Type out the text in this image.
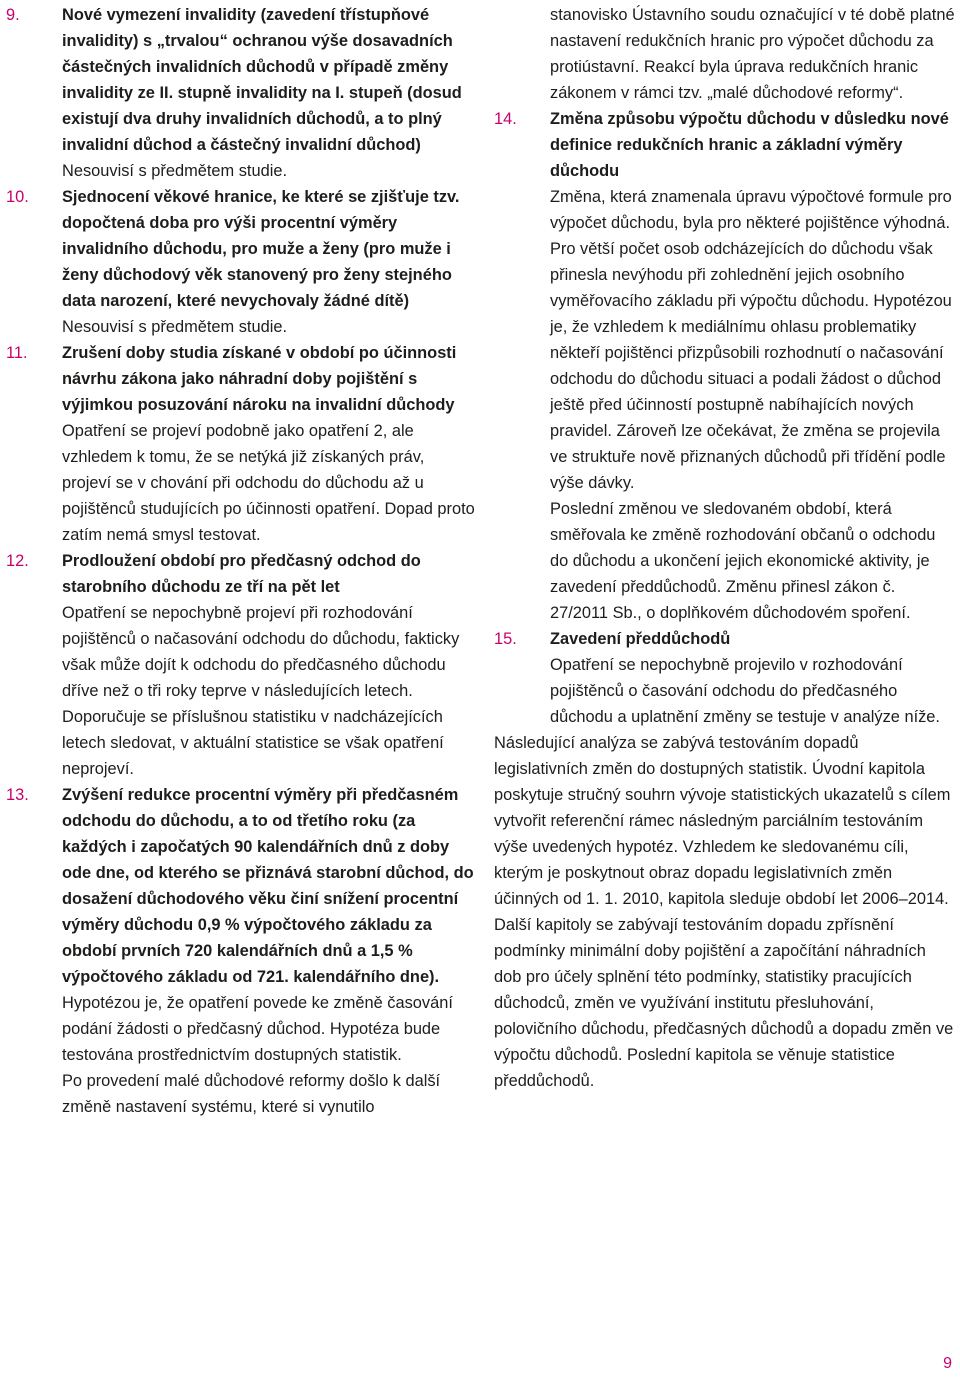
9.	Nové vymezení invalidity (zavedení třístupňové invalidity) s „trvalou“ ochranou výše dosavadních částečných invalidních důchodů v případě změny invalidity ze II. stupně invalidity na I. stupeň (dosud existují dva druhy invalidních důchodů, a to plný invalidní důchod a částečný invalidní důchod)

Nesouvisí s předmětem studie.

10. Sjednocení věkové hranice, ke které se zjišťuje tzv. dopočtená doba pro výši procentní výměry invalidního důchodu, pro muže a ženy (pro muže i ženy důchodový věk stanovený pro ženy stejného data narození, které nevychovaly žádné dítě)

Nesouvisí s předmětem studie.

11. Zrušení doby studia získané v období po účinnosti návrhu zákona jako náhradní doby pojištění s výjimkou posuzování nároku na invalidní důchody

Opatření se projeví podobně jako opatření 2, ale vzhledem k tomu, že se netýká již získaných práv, projeví se v chování při odchodu do důchodu až u pojištěnců studujících po účinnosti opatření. Dopad proto zatím nemá smysl testovat.

12. Prodloužení období pro předčasný odchod do starobního důchodu ze tří na pět let

Opatření se nepochybně projeví při rozhodování pojištěnců o načasování odchodu do důchodu, fakticky však může dojít k odchodu do předčasného důchodu dříve než o tři roky teprve v následujících letech. Doporučuje se příslušnou statistiku v nadcházejících letech sledovat, v aktuální statistice se však opatření neprojeví.

13. Zvýšení redukce procentní výměry při předčasném odchodu do důchodu, a to od třetího roku (za každých i započatých 90 kalendářních dnů z doby ode dne, od kterého se přiznává starobní důchod, do dosažení důchodového věku činí snížení procentní výměry důchodu 0,9 % výpočtového základu za období prvních 720 kalendářních dnů a 1,5 % výpočtového základu od 721. kalendářního dne).

Hypotézou je, že opatření povede ke změně časování podání žádosti o předčasný důchod. Hypotéza bude testována prostřednictvím dostupných statistik.

Po provedení malé důchodové reformy došlo k další změně nastavení systému, které si vynutilo

stanovisko Ústavního soudu označující v té době platné nastavení redukčních hranic pro výpočet důchodu za protiústavní. Reakcí byla úprava redukčních hranic zákonem v rámci tzv. „malé důchodové reformy“.

14. Změna způsobu výpočtu důchodu v důsledku nové definice redukčních hranic a základní výměry důchodu

Změna, která znamenala úpravu výpočtové formule pro výpočet důchodu, byla pro některé pojištěnce výhodná. Pro větší počet osob odcházejících do důchodu však přinesla nevýhodu při zohlednění jejich osobního vyměřovacího základu při výpočtu důchodu. Hypotézou je, že vzhledem k mediálnímu ohlasu problematiky někteří pojištěnci přizpůsobili rozhodnutí o načasování odchodu do důchodu situaci a podali žádost o důchod ještě před účinností postupně nabíhajících nových pravidel. Zároveň lze očekávat, že změna se projevila ve struktuře nově přiznaných důchodů při třídění podle výše dávky.

Poslední změnou ve sledovaném období, která směřovala ke změně rozhodování občanů o odchodu do důchodu a ukončení jejich ekonomické aktivity, je zavedení předdůchodů. Změnu přinesl zákon č. 27/2011 Sb., o doplňkovém důchodovém spoření.

15. Zavedení předdůchodů

Opatření se nepochybně projevilo v rozhodování pojištěnců o časování odchodu do předčasného důchodu a uplatnění změny se testuje v analýze níže.

Následující analýza se zabývá testováním dopadů legislativních změn do dostupných statistik. Úvodní kapitola poskytuje stručný souhrn vývoje statistických ukazatelů s cílem vytvořit referenční rámec následným parciálním testováním výše uvedených hypotéz. Vzhledem ke sledovanému cíli, kterým je poskytnout obraz dopadu legislativních změn účinných od 1. 1. 2010, kapitola sleduje období let 2006–2014. Další kapitoly se zabývají testováním dopadu zpřísnění podmínky minimální doby pojištění a započítání náhradních dob pro účely splnění této podmínky, statistiky pracujících důchodců, změn ve využívání institutu přesluhování, polovičního důchodu, předčasných důchodů a dopadu změn ve výpočtu důchodů. Poslední kapitola se věnuje statistice předdůchodů.

9
